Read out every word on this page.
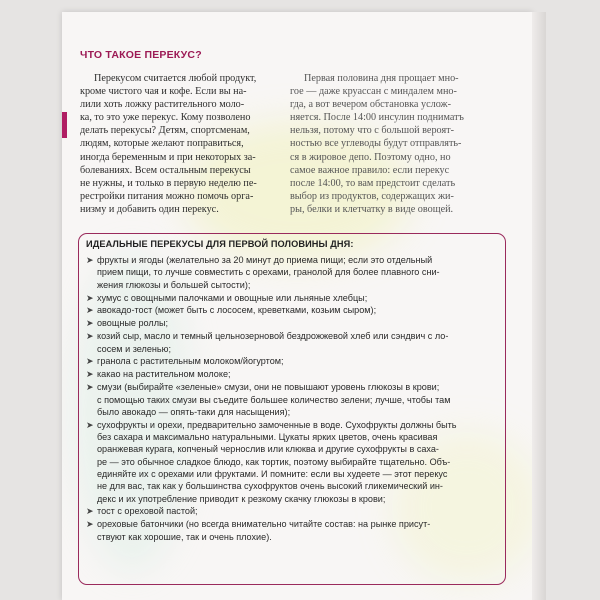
ЧТО ТАКОЕ ПЕРЕКУС?
Перекусом считается любой продукт,
кроме чистого чая и кофе. Если вы на-
лили хоть ложку растительного моло-
ка, то это уже перекус. Кому позволено
делать перекусы? Детям, спортсменам,
людям, которые желают поправиться,
иногда беременным и при некоторых за-
болеваниях. Всем остальным перекусы
не нужны, и только в первую неделю пе-
рестройки питания можно помочь орга-
низму и добавить один перекус.
Первая половина дня прощает мно-
гое — даже круассан с миндалем мно-
гда, а вот вечером обстановка услож-
няется. После 14:00 инсулин подниматъ
нельзя, потому что с большой вероят-
ностью все углеводы будут отправлять-
ся в жировое депо. Поэтому одно, но
самое важное правило: если перекус
после 14:00, то вам предстоит сделать
выбор из продуктов, содержащих жи-
ры, белки и клетчатку в виде овощей.
ИДЕАЛЬНЫЕ ПЕРЕКУСЫ ДЛЯ ПЕРВОЙ ПОЛОВИНЫ ДНЯ:
➤ фрукты и ягоды (желательно за 20 минут до приема пищи; если это отдельный
прием пищи, то лучше совместить с орехами, гранолой для более плавного сни-
жения глюкозы и большей сытости);
➤ хумус с овощными палочками и овощные или льняные хлебцы;
➤ авокадо-тост (может быть с лососем, креветками, козьим сыром);
➤ овощные роллы;
➤ козий сыр, масло и темный цельнозерновой бездрожжевой хлеб или сэндвич с ло-
сосем и зеленью;
➤ гранола с растительным молоком/йогуртом;
➤ какао на растительном молоке;
➤ смузи (выбирайте «зеленые» смузи, они не повышают уровень глюкозы в крови;
с помощью таких смузи вы съедите большее количество зелени; лучше, чтобы там
было авокадо — опять-таки для насыщения);
➤ сухофрукты и орехи, предварительно замоченные в воде. Сухофрукты должны быть
без сахара и максимально натуральными. Цукаты ярких цветов, очень красивая
оранжевая курага, копченый чернослив или клюква и другие сухофрукты в саха-
ре — это обычное сладкое блюдо, как тортик, поэтому выбирайте тщательно. Объ-
единяйте их с орехами или фруктами. И помните: если вы худеете — этот перекус
не для вас, так как у большинства сухофруктов очень высокий гликемический ин-
декс и их употребление приводит к резкому скачку глюкозы в крови;
➤ тост с ореховой пастой;
➤ ореховые батончики (но всегда внимательно читайте состав: на рынке присут-
ствуют как хорошие, так и очень плохие).
